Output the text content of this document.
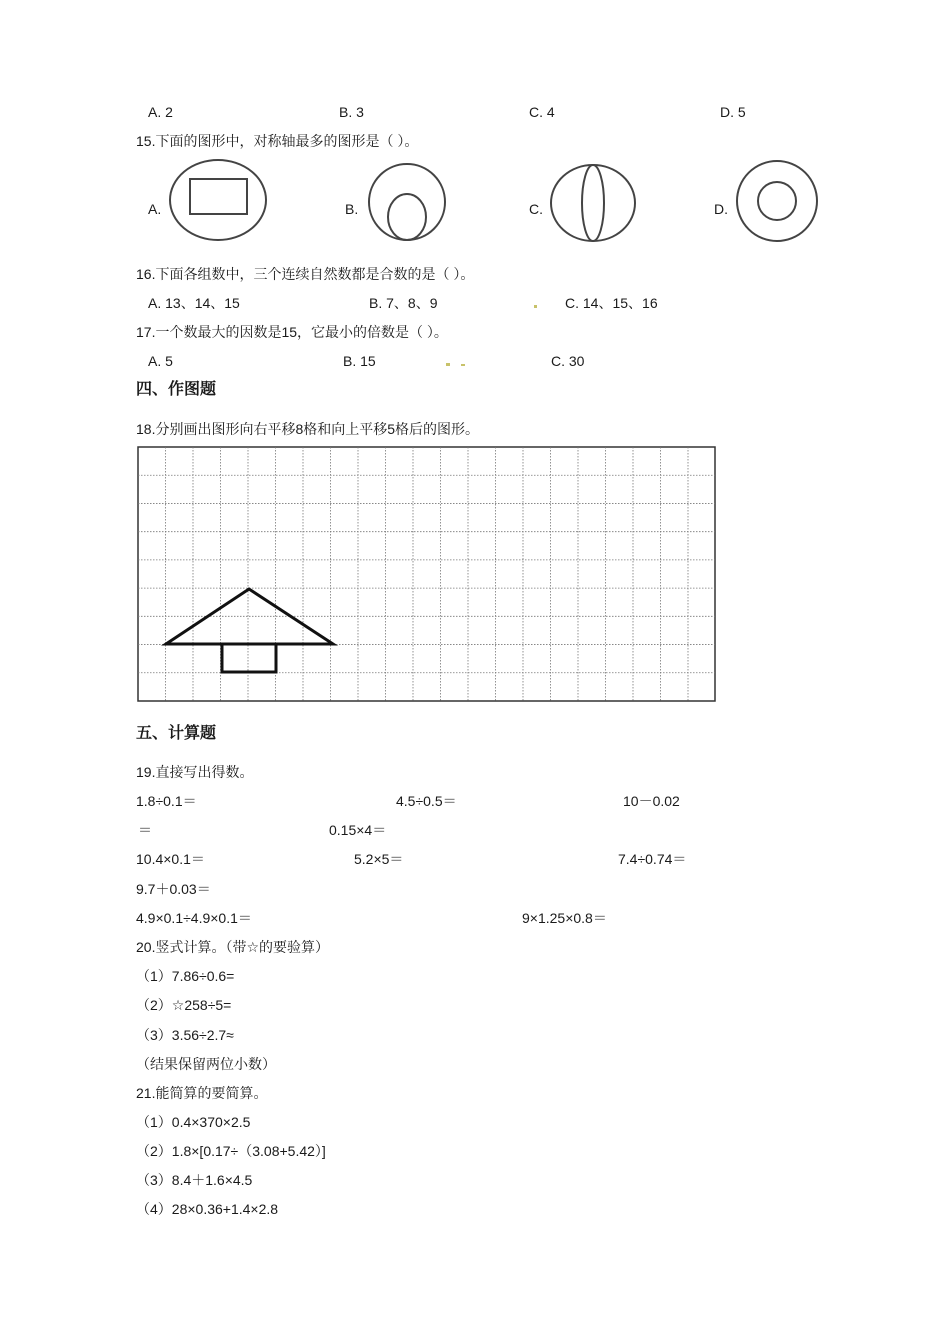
A. 2	B. 3	C. 4	D. 5
15.下面的图形中，对称轴最多的图形是（ ）。
A.	B.	C.	D.
16.下面各组数中，三个连续自然数都是合数的是（ ）。
A. 13、14、15	B. 7、8、9	C. 14、15、16
17.一个数最大的因数是15，它最小的倍数是（ ）。
A. 5	B. 15	C. 30
四、作图题
18.分别画出图形向右平移8格和向上平移5格后的图形。
五、计算题
19.直接写出得数。
1.8÷0.1＝	4.5÷0.5＝	10－0.02
＝	0.15×4＝
10.4×0.1＝	5.2×5＝	7.4÷0.74＝
9.7＋0.03＝
4.9×0.1÷4.9×0.1＝	9×1.25×0.8＝
20.竖式计算。（带☆的要验算）
（1）7.86÷0.6=
（2）☆258÷5=
（3）3.56÷2.7≈
（结果保留两位小数）
21.能简算的要简算。
（1）0.4×370×2.5
（2）1.8×[0.17÷（3.08+5.42）]
（3）8.4＋1.6×4.5
（4）28×0.36+1.4×2.8
